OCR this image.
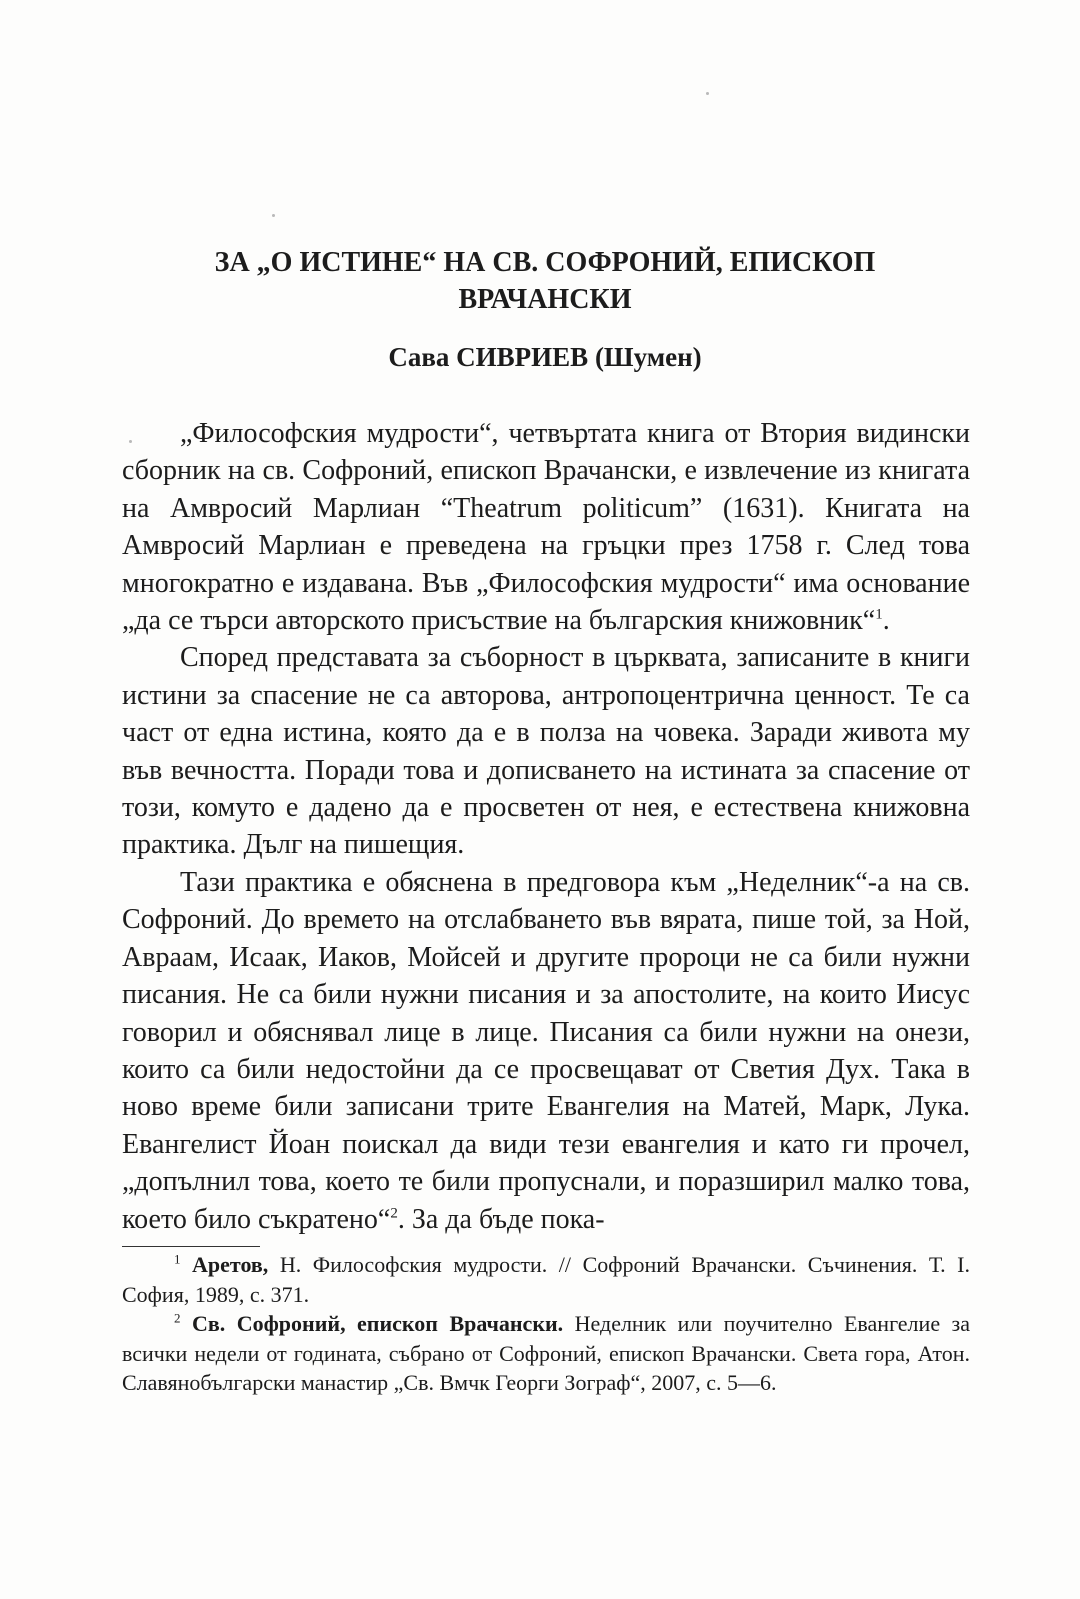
ЗА „О ИСТИНЕ“ НА СВ. СОФРОНИЙ, ЕПИСКОП
ВРАЧАНСКИ
Сава СИВРИЕВ (Шумен)

„Философския мудрости“, четвъртата книга от Втория видински сборник на св. Софроний, епископ Врачански, е извлечение из книгата на Амвросий Марлиан “Theatrum politicum” (1631). Книгата на Амвросий Марлиан е преведена на гръцки през 1758 г. След това многократно е издавана. Във „Философския мудрости“ има основание „да се търси авторското присъствие на българския книжовник“$^1$.

Според представата за съборност в църквата, записаните в книги истини за спасение не са авторова, антропоцентрична ценност. Те са част от една истина, която да е в полза на човека. Заради живота му във вечността. Поради това и дописването на истината за спасение от този, комуто е дадено да е просветен от нея, е естествена книжовна практика. Дълг на пишещия.

Тази практика е обяснена в предговора към „Неделник“-а на св. Софроний. До времето на отслабването във вярата, пише той, за Ной, Авраам, Исаак, Иаков, Мойсей и другите пророци не са били нужни писания. Не са били нужни писания и за апостолите, на които Иисус говорил и обяснявал лице в лице. Писания са били нужни на онези, които са били недостойни да се просвещават от Светия Дух. Така в ново време били записани трите Евангелия на Матей, Марк, Лука. Евангелист Йоан поискал да види тези евангелия и като ги прочел, „допълнил това, което те били пропуснали, и поразширил малко това, което било съкратено“$^2$. За да бъде пока-

$^1$ Аретов, Н. Философския мудрости. // Софроний Врачански. Съчинения. Т. I. София, 1989, с. 371.

$^2$ Св. Софроний, епископ Врачански. Неделник или поучително Евангелие за всички недели от годината, събрано от Софроний, епископ Врачански. Света гора, Атон. Славянобългарски манастир „Св. Вмчк Георги Зограф“, 2007, с. 5—6.
